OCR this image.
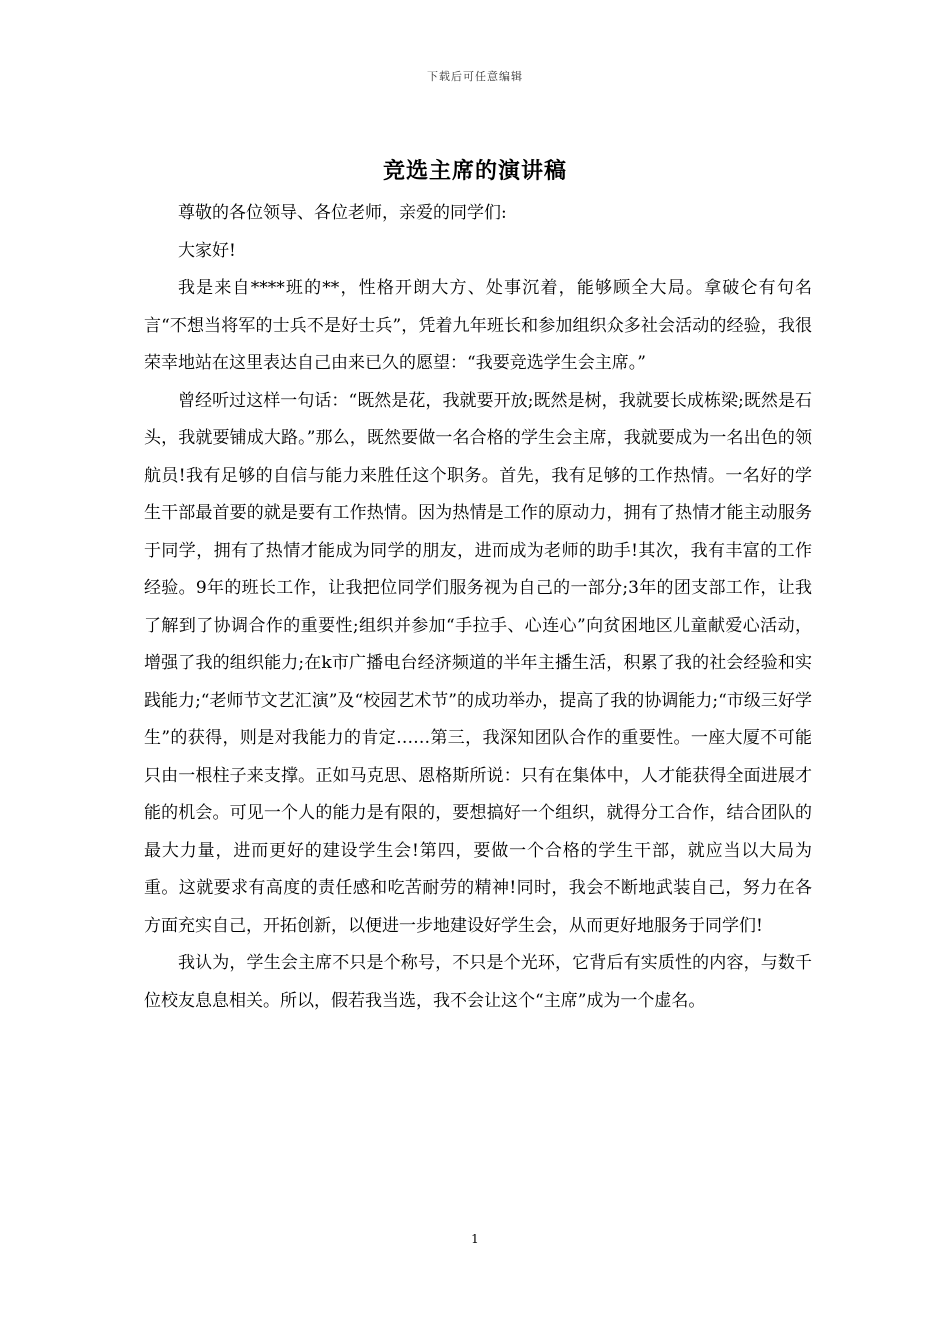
下载后可任意编辑
竞选主席的演讲稿

尊敬的各位领导、各位老师，亲爱的同学们:

大家好!

我是来自****班的**，性格开朗大方、处事沉着，能够顾全大局。拿破仑有句名言“不想当将军的士兵不是好士兵”，凭着九年班长和参加组织众多社会活动的经验，我很荣幸地站在这里表达自己由来已久的愿望：“我要竞选学生会主席。”

曾经听过这样一句话：“既然是花，我就要开放;既然是树，我就要长成栋梁;既然是石头，我就要铺成大路。”那么，既然要做一名合格的学生会主席，我就要成为一名出色的领航员!我有足够的自信与能力来胜任这个职务。首先，我有足够的工作热情。一名好的学生干部最首要的就是要有工作热情。因为热情是工作的原动力，拥有了热情才能主动服务于同学，拥有了热情才能成为同学的朋友，进而成为老师的助手!其次，我有丰富的工作经验。9年的班长工作，让我把位同学们服务视为自己的一部分;3年的团支部工作，让我了解到了协调合作的重要性;组织并参加“手拉手、心连心”向贫困地区儿童献爱心活动，增强了我的组织能力;在k市广播电台经济频道的半年主播生活，积累了我的社会经验和实践能力;“老师节文艺汇演”及“校园艺术节”的成功举办，提高了我的协调能力;“市级三好学生”的获得，则是对我能力的肯定……第三，我深知团队合作的重要性。一座大厦不可能只由一根柱子来支撑。正如马克思、恩格斯所说：只有在集体中，人才能获得全面进展才能的机会。可见一个人的能力是有限的，要想搞好一个组织，就得分工合作，结合团队的最大力量，进而更好的建设学生会!第四，要做一个合格的学生干部，就应当以大局为重。这就要求有高度的责任感和吃苦耐劳的精神!同时，我会不断地武装自己，努力在各方面充实自己，开拓创新，以便进一步地建设好学生会，从而更好地服务于同学们!

我认为，学生会主席不只是个称号，不只是个光环，它背后有实质性的内容，与数千位校友息息相关。所以，假若我当选，我不会让这个“主席”成为一个虚名。

1
